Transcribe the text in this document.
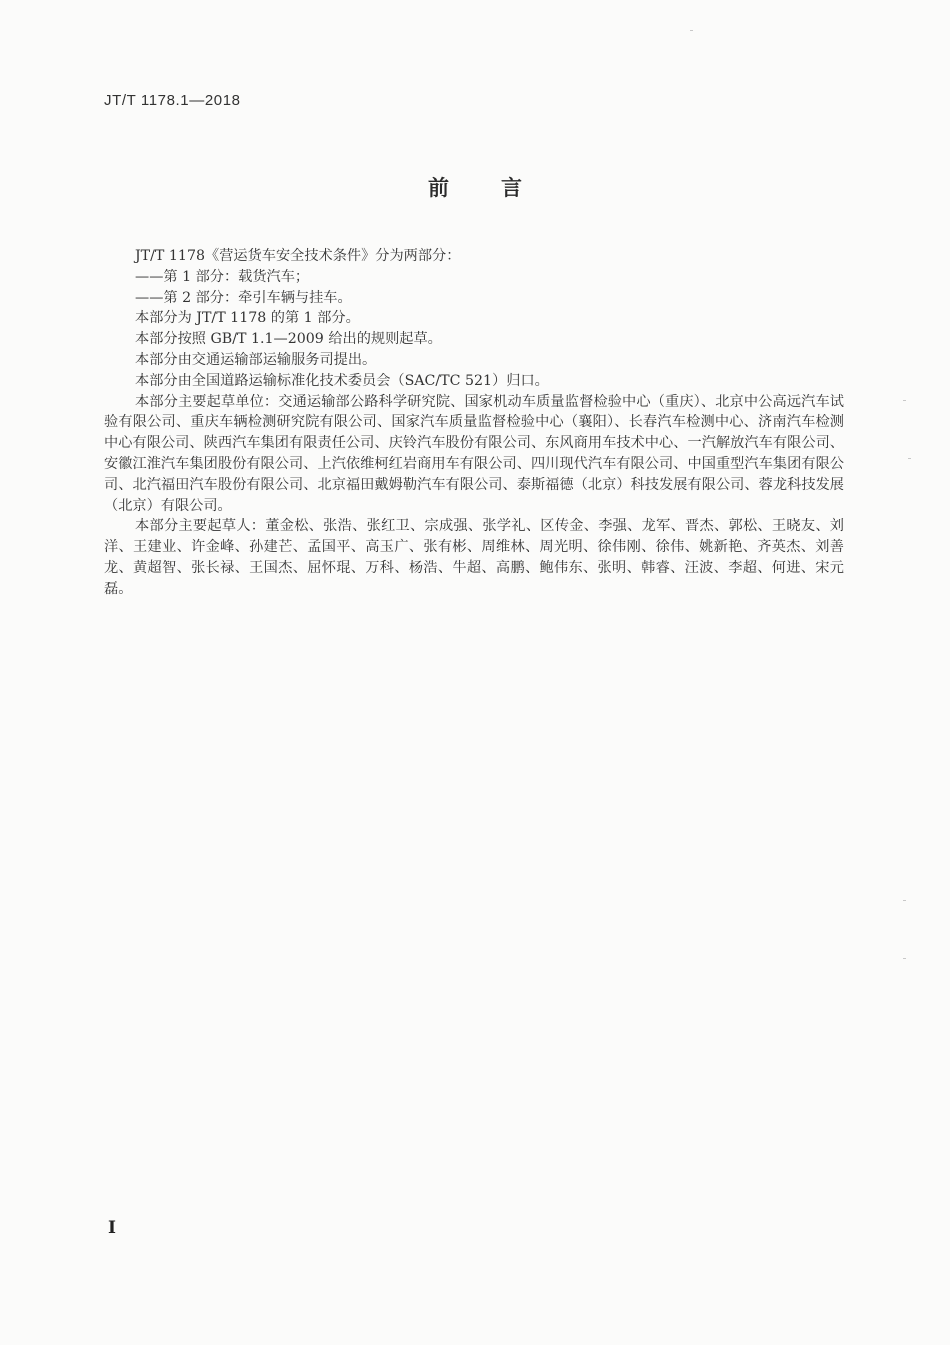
JT/T 1178.1—2018
前言

JT/T 1178《营运货车安全技术条件》分为两部分：

——第 1 部分：载货汽车；

——第 2 部分：牵引车辆与挂车。

本部分为 JT/T 1178 的第 1 部分。

本部分按照 GB/T 1.1—2009 给出的规则起草。

本部分由交通运输部运输服务司提出。

本部分由全国道路运输标准化技术委员会（SAC/TC 521）归口。

本部分主要起草单位：交通运输部公路科学研究院、国家机动车质量监督检验中心（重庆）、北京中公高远汽车试验有限公司、重庆车辆检测研究院有限公司、国家汽车质量监督检验中心（襄阳）、长春汽车检测中心、济南汽车检测中心有限公司、陕西汽车集团有限责任公司、庆铃汽车股份有限公司、东风商用车技术中心、一汽解放汽车有限公司、安徽江淮汽车集团股份有限公司、上汽依维柯红岩商用车有限公司、四川现代汽车有限公司、中国重型汽车集团有限公司、北汽福田汽车股份有限公司、北京福田戴姆勒汽车有限公司、泰斯福德（北京）科技发展有限公司、蓉龙科技发展（北京）有限公司。

本部分主要起草人：董金松、张浩、张红卫、宗成强、张学礼、区传金、李强、龙军、晋杰、郭松、王晓友、刘洋、王建业、许金峰、孙建芒、孟国平、高玉广、张有彬、周维林、周光明、徐伟刚、徐伟、姚新艳、齐英杰、刘善龙、黄超智、张长禄、王国杰、屈怀琨、万科、杨浩、牛超、高鹏、鲍伟东、张明、韩睿、汪波、李超、何进、宋元磊。

I
